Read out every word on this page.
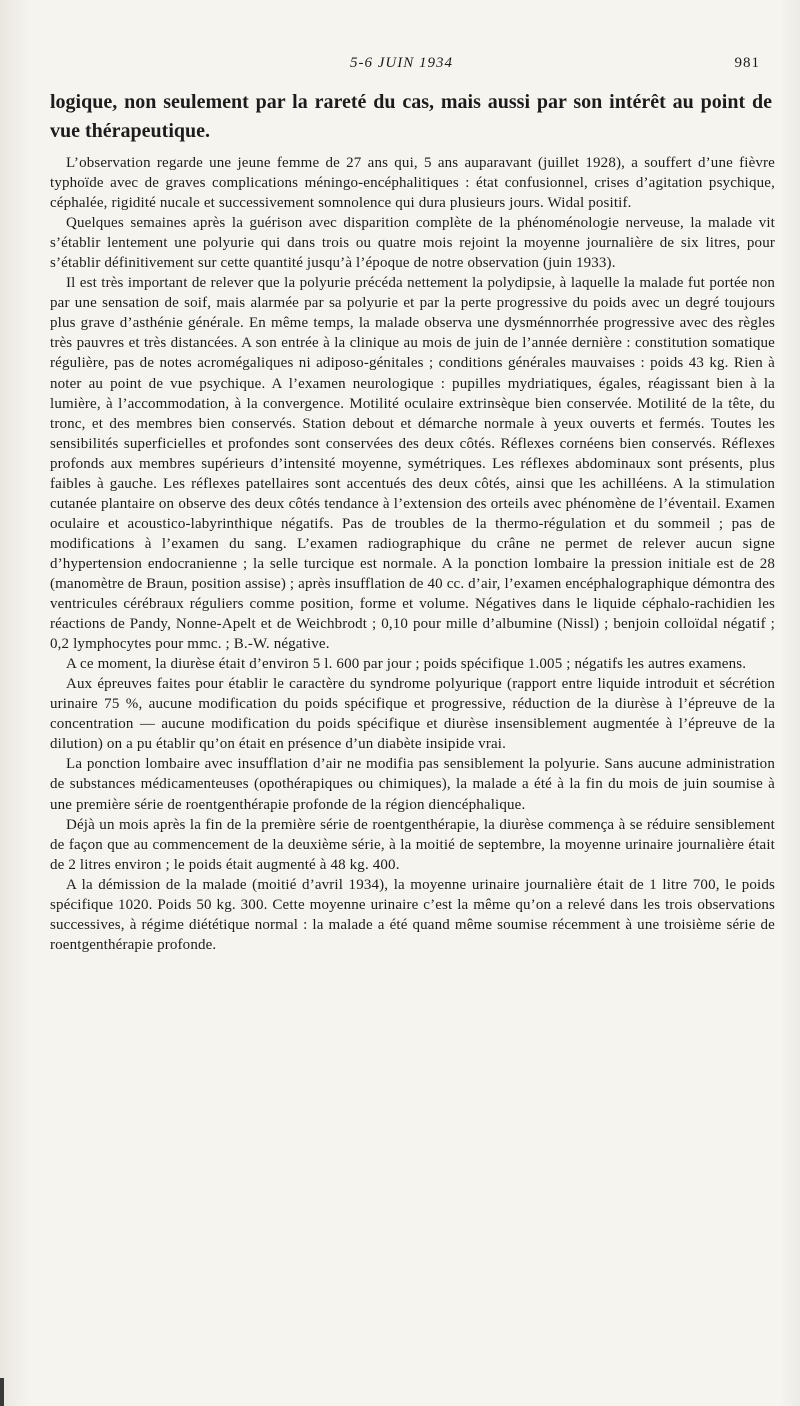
5-6 JUIN 1934	981
logique, non seulement par la rareté du cas, mais aussi par son intérêt au point de vue thérapeutique.

L’observation regarde une jeune femme de 27 ans qui, 5 ans auparavant (juillet 1928), a souffert d’une fièvre typhoïde avec de graves complications méningo-encéphalitiques : état confusionnel, crises d’agitation psychique, céphalée, rigidité nucale et successivement somnolence qui dura plusieurs jours. Widal positif.

Quelques semaines après la guérison avec disparition complète de la phénoménologie nerveuse, la malade vit s’établir lentement une polyurie qui dans trois ou quatre mois rejoint la moyenne journalière de six litres, pour s’établir définitivement sur cette quantité jusqu’à l’époque de notre observation (juin 1933).

Il est très important de relever que la polyurie précéda nettement la polydipsie, à laquelle la malade fut portée non par une sensation de soif, mais alarmée par sa polyurie et par la perte progressive du poids avec un degré toujours plus grave d’asthénie générale. En même temps, la malade observa une dysménnorrhée progressive avec des règles très pauvres et très distancées. A son entrée à la clinique au mois de juin de l’année dernière : constitution somatique régulière, pas de notes acromégaliques ni adiposo-génitales ; conditions générales mauvaises : poids 43 kg. Rien à noter au point de vue psychique. A l’examen neurologique : pupilles mydriatiques, égales, réagissant bien à la lumière, à l’accommodation, à la convergence. Motilité oculaire extrinsèque bien conservée. Motilité de la tête, du tronc, et des membres bien conservés. Station debout et démarche normale à yeux ouverts et fermés. Toutes les sensibilités superficielles et profondes sont conservées des deux côtés. Réflexes cornéens bien conservés. Réflexes profonds aux membres supérieurs d’intensité moyenne, symétriques. Les réflexes abdominaux sont présents, plus faibles à gauche. Les réflexes patellaires sont accentués des deux côtés, ainsi que les achilléens. A la stimulation cutanée plantaire on observe des deux côtés tendance à l’extension des orteils avec phénomène de l’éventail. Examen oculaire et acoustico-labyrinthique négatifs. Pas de troubles de la thermo-régulation et du sommeil ; pas de modifications à l’examen du sang. L’examen radiographique du crâne ne permet de relever aucun signe d’hypertension endocranienne ; la selle turcique est normale. A la ponction lombaire la pression initiale est de 28 (manomètre de Braun, position assise) ; après insufflation de 40 cc. d’air, l’examen encéphalographique démontra des ventricules cérébraux réguliers comme position, forme et volume. Négatives dans le liquide céphalo-rachidien les réactions de Pandy, Nonne-Apelt et de Weichbrodt ; 0,10 pour mille d’albumine (Nissl) ; benjoin colloïdal négatif ; 0,2 lymphocytes pour mmc. ; B.-W. négative.

A ce moment, la diurèse était d’environ 5 l. 600 par jour ; poids spécifique 1.005 ; négatifs les autres examens.

Aux épreuves faites pour établir le caractère du syndrome polyurique (rapport entre liquide introduit et sécrétion urinaire 75 %, aucune modification du poids spécifique et progressive, réduction de la diurèse à l’épreuve de la concentration — aucune modification du poids spécifique et diurèse insensiblement augmentée à l’épreuve de la dilution) on a pu établir qu’on était en présence d’un diabète insipide vrai.

La ponction lombaire avec insufflation d’air ne modifia pas sensiblement la polyurie. Sans aucune administration de substances médicamenteuses (opothérapiques ou chimiques), la malade a été à la fin du mois de juin soumise à une première série de roentgenthérapie profonde de la région diencéphalique.

Déjà un mois après la fin de la première série de roentgenthérapie, la diurèse commença à se réduire sensiblement de façon que au commencement de la deuxième série, à la moitié de septembre, la moyenne urinaire journalière était de 2 litres environ ; le poids était augmenté à 48 kg. 400.

A la démission de la malade (moitié d’avril 1934), la moyenne urinaire journalière était de 1 litre 700, le poids spécifique 1020. Poids 50 kg. 300. Cette moyenne urinaire c’est la même qu’on a relevé dans les trois observations successives, à régime diététique normal : la malade a été quand même soumise récemment à une troisième série de roentgenthérapie profonde.
